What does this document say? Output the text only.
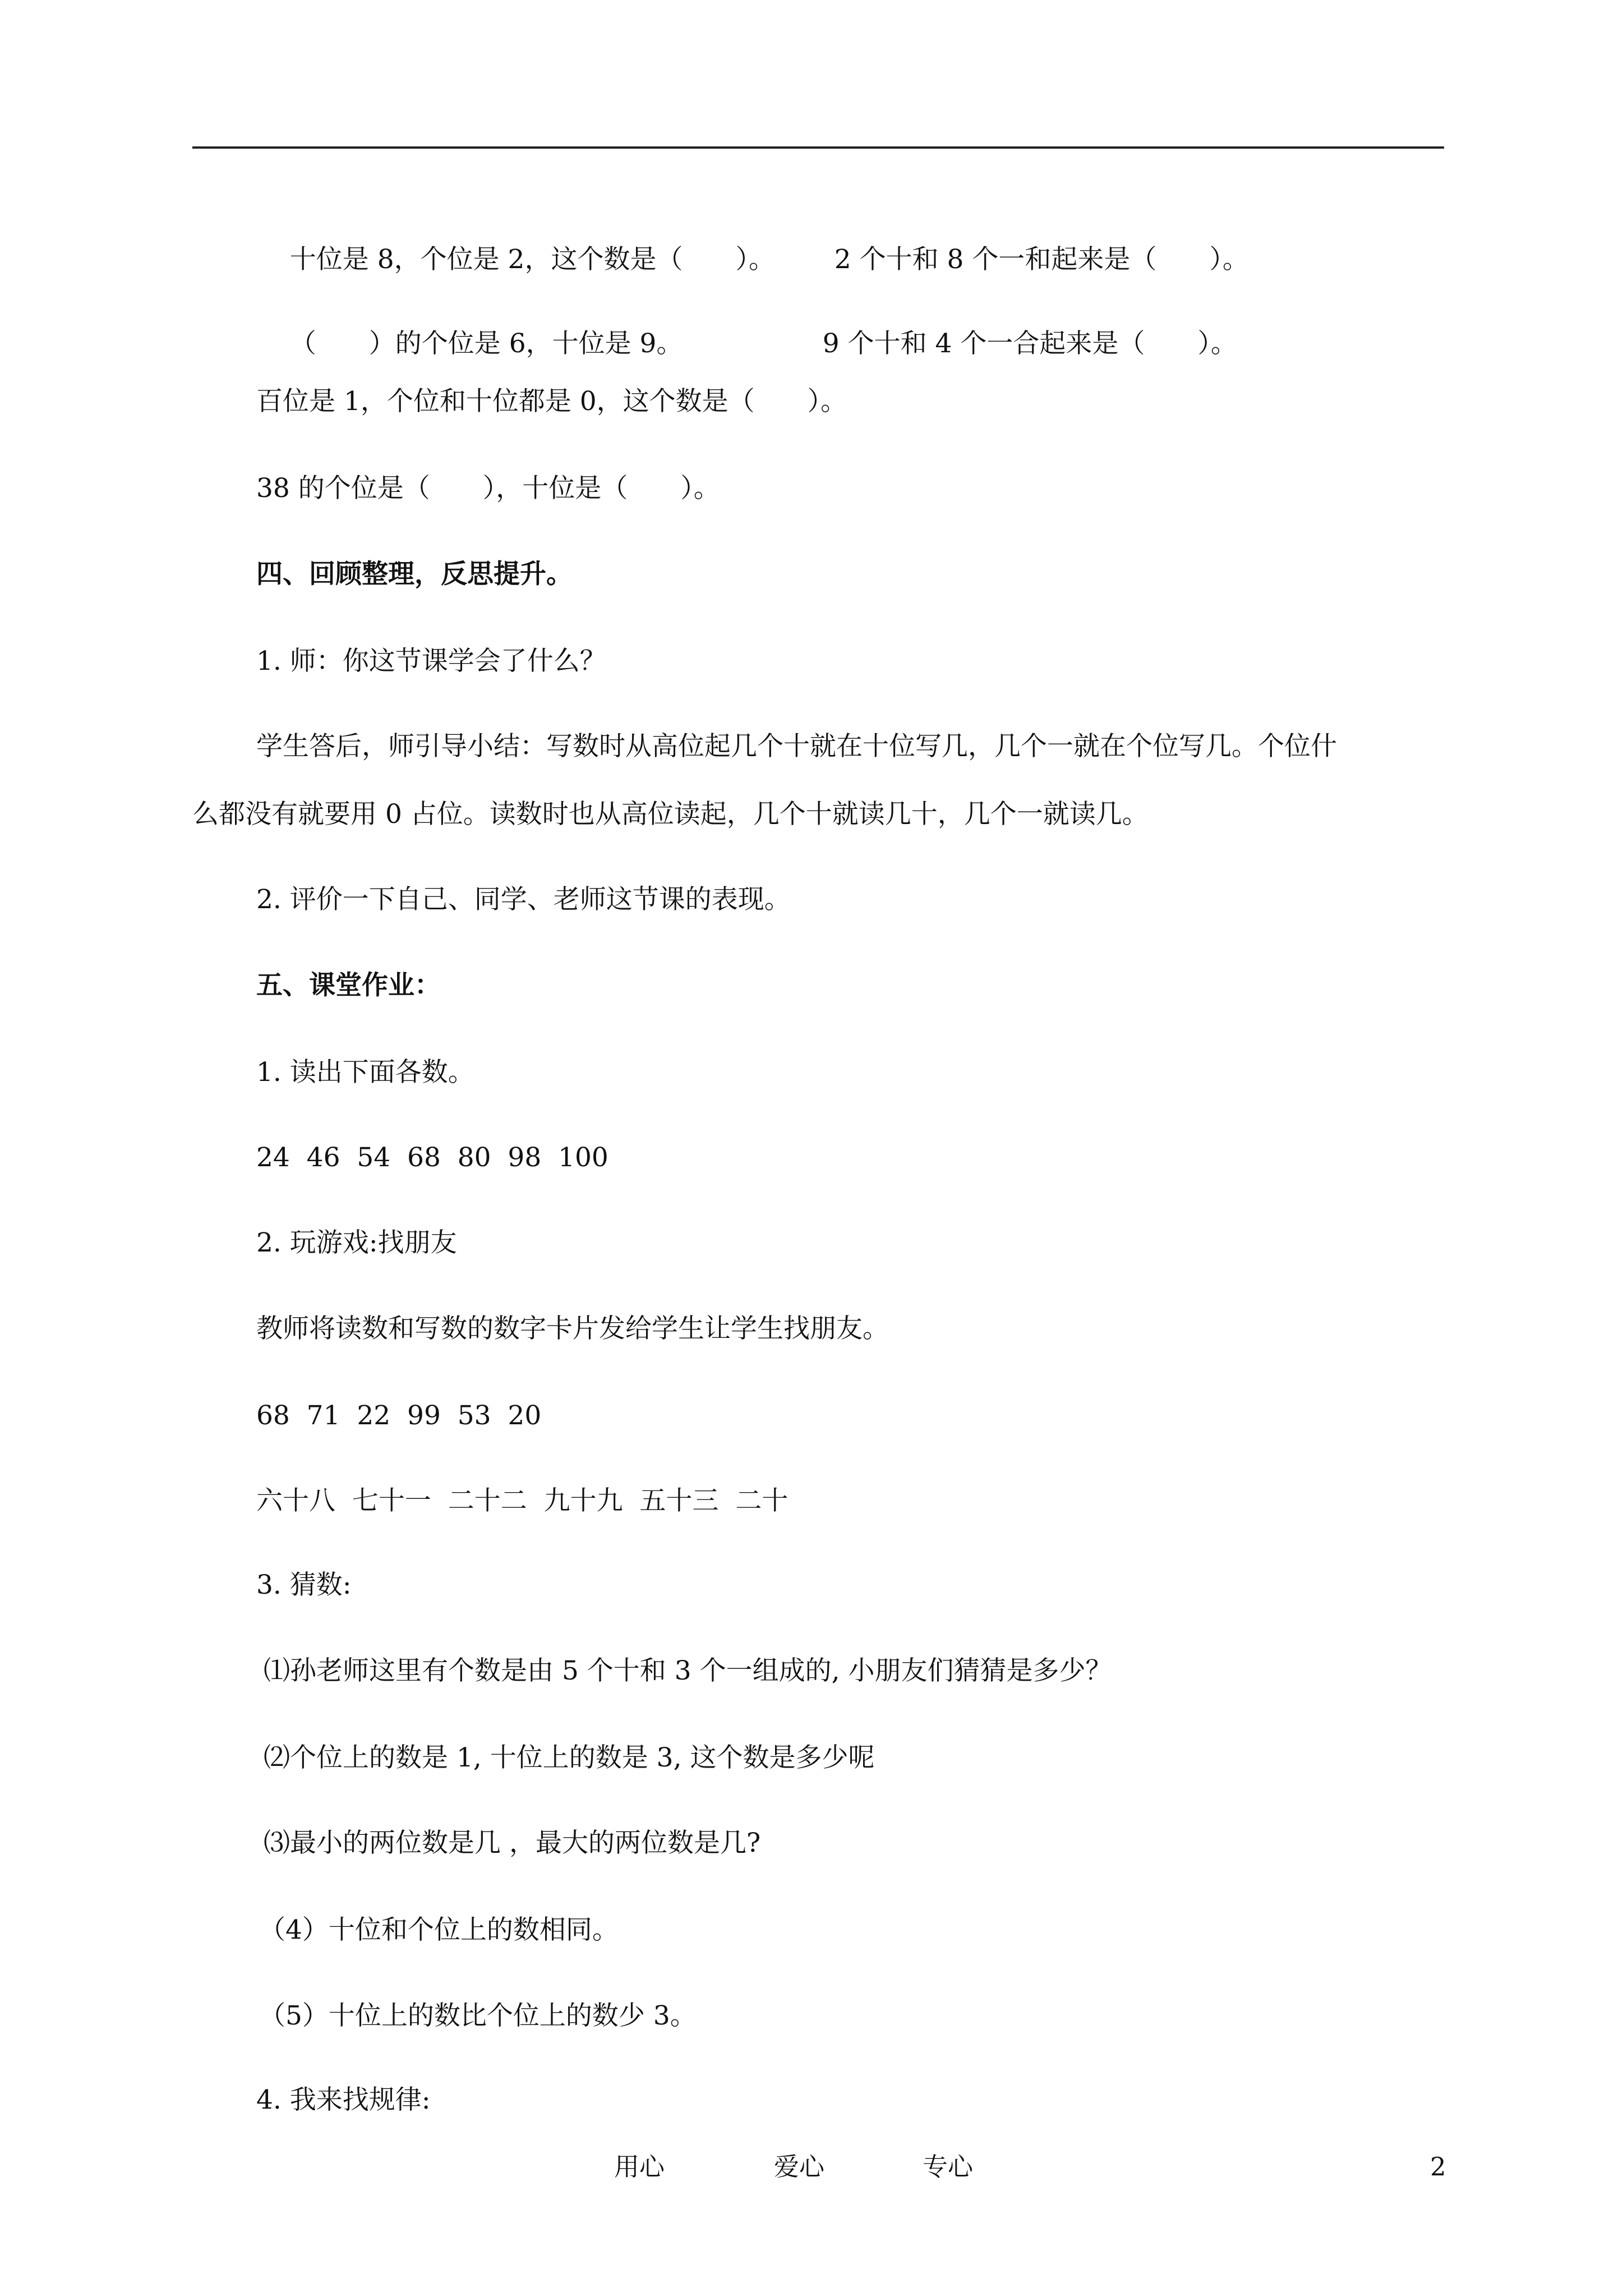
十位是 8，个位是 2，这个数是（　　）。
	2 个十和 8 个一和起来是（　　）。

（　　）的个位是 6，十位是 9。
	9 个十和 4 个一合起来是（　　）。

百位是 1，个位和十位都是 0，这个数是（　　）。
38 的个位是（　　），十位是（　　）。
四、回顾整理，反思提升。
1. 师：你这节课学会了什么？
学生答后，师引导小结：写数时从高位起几个十就在十位写几，几个一就在个位写几。个位什
么都没有就要用 0 占位。读数时也从高位读起，几个十就读几十，几个一就读几。
2. 评价一下自己、同学、老师这节课的表现。
五、课堂作业：
1. 读出下面各数。
24  46  54  68  80  98  100
2. 玩游戏:找朋友
教师将读数和写数的数字卡片发给学生让学生找朋友。
68  71  22  99  53  20
六十八  七十一  二十二  九十九  五十三  二十
3. 猜数:
⑴孙老师这里有个数是由 5 个十和 3 个一组成的, 小朋友们猜猜是多少？
⑵个位上的数是 1, 十位上的数是 3, 这个数是多少呢
⑶最小的两位数是几 ，最大的两位数是几?
（4）十位和个位上的数相同。
（5）十位上的数比个位上的数少 3。
4. 我来找规律:
用心	爱心	专心	2
